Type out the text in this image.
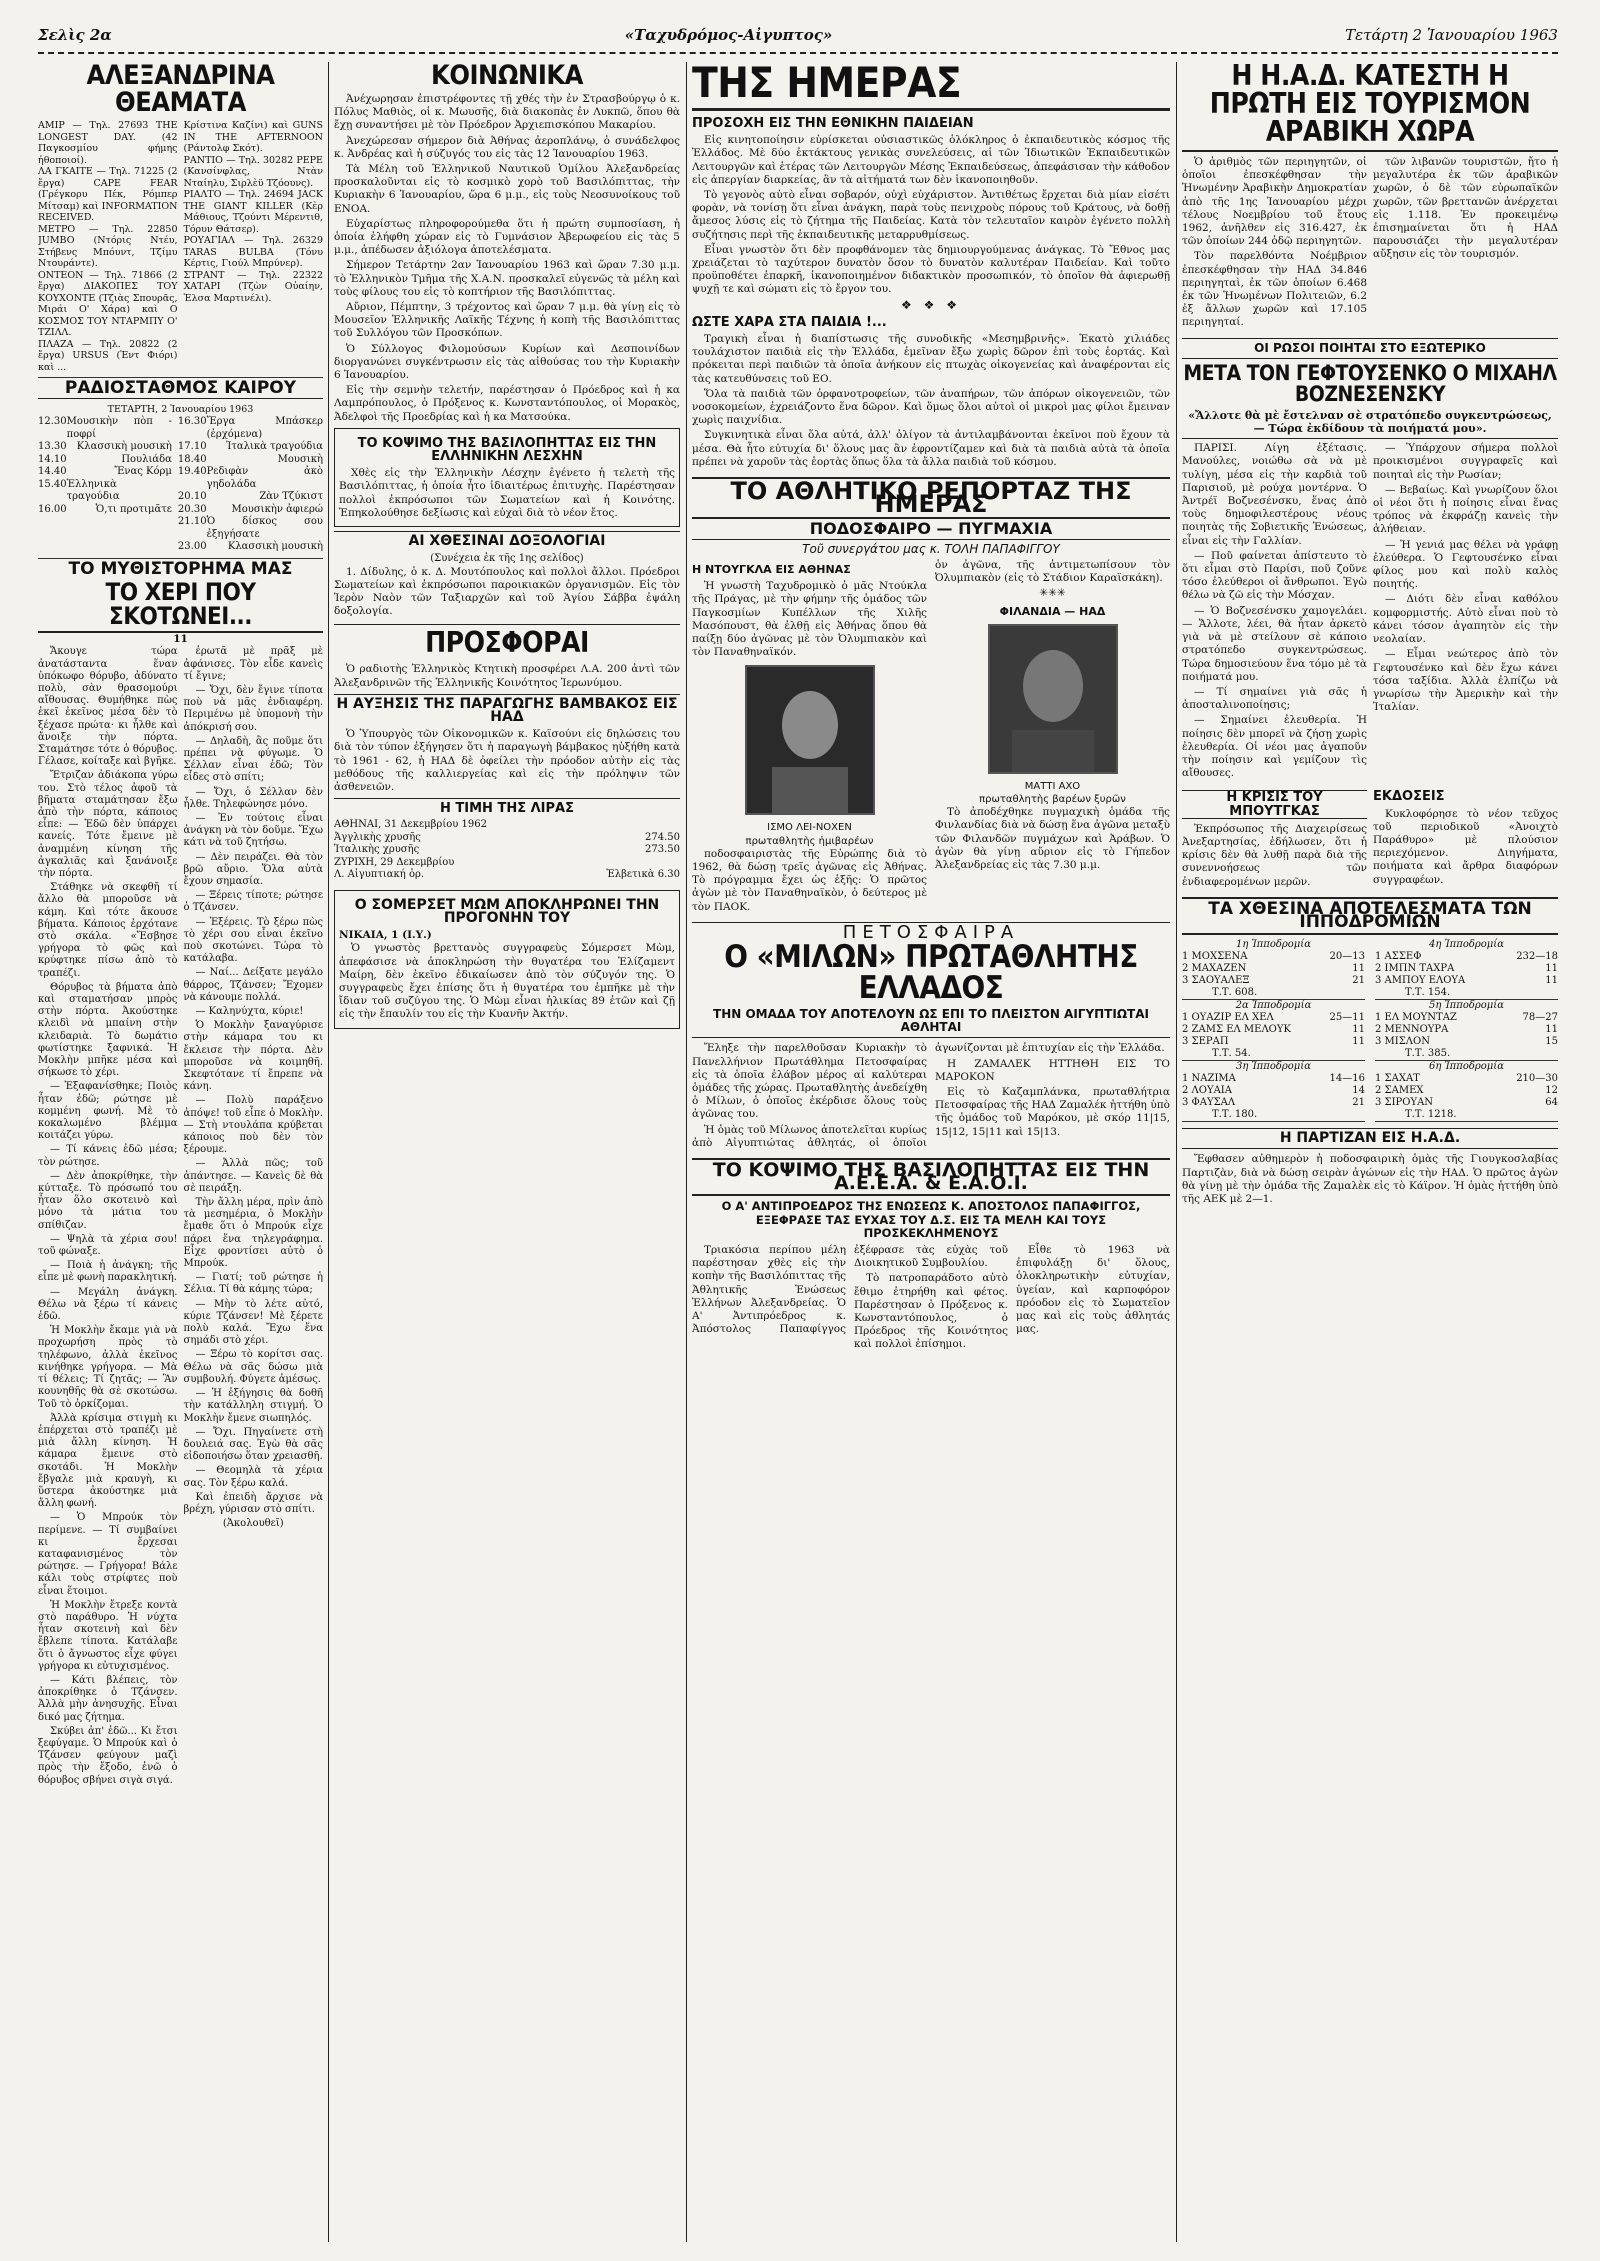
Σελὶς 2α	«Ταχυδρόμος-Αἰγυπτος»	Τετάρτη 2 Ἰανουαρίου 1963
ΑΛΕΞΑΝΔΡΙΝΑ ΘΕΑΜΑΤΑ
ΑΜΙΡ — Τηλ. 27693 THE LONGEST DAY. (42 Παγκοσμίου φήμης ἠθοποιοί).
ΛΑ ΓΚΑΙΤΕ — Τηλ. 71225 (2 ἔργα) CAPE FEAR (Γρέγκορυ Πέκ, Ρόμπερ Μίτσαμ) καὶ INFORMATION RECEIVED.
ΜΕΤΡΟ — Τηλ. 22850 JUMBO (Ντόρις Ντέυ, Στήβενς Μπόυντ, Τζίμυ Ντουράντε).
ΟΝΤΕΟΝ — Τηλ. 71866 (2 ἔργα) ΔΙΑΚΟΠΕΣ ΤΟΥ ΚΟΥΧΟΝΤΕ (Τζιὰς Σπουρᾶς, Μιράι Ο' Χάρα) καὶ Ο ΚΟΣΜΟΣ ΤΟΥ ΝΤΑΡΜΠΥ Ο' ΤΖΙΛΛ.
ΠΛΑΖΑ — Τηλ. 20822 (2 ἔργα) URSUS (Ἐντ Φιόρι) καὶ ...
Κρίστινα Καζίνι) καὶ GUNS IN THE AFTERNOON (Ράντολφ Σκότ).
ΡΑΝΤΙΟ — Τηλ. 30282 PEPE (Κανσίνφλας, Ντὰν Νταίηλυ, Σιρλὲϋ Τζόουνς).
ΡΙΑΛΤΟ — Τηλ. 24694 JACK THE GIANT KILLER (Κὲρ Μάθιους, Τζούντι Μέρεντιθ, Τόρυν Θάτσερ).
ΡΟΥΑΓΙΑΛ — Τηλ. 26329 TARAS BULBA (Τόνυ Κέρτις, Γιούλ Μπρύνερ).
ΣΤΡΑΝΤ — Τηλ. 22322 ΧΑΤΑΡΙ (Τζὼν Οὐαίην, Ἐλσα Μαρτινέλι).
ΡΑΔΙΟΣΤΑΘΜΟΣ ΚΑΙΡΟΥ
ΤΕΤΑΡΤΗ, 2 Ἰανουαρίου 1963
12.30 Μουσικὴν πὸπ - ποφρί
13.30 Κλασσικὴ μουσικὴ
14.10	Πουλιάδα
14.40	Ἔνας Κόρμ
15.40 Ἑλληνικὰ τραγούδια
16.00	Ὁ,τι προτιμᾶτε
16.30 Ἔργα Μπάσκερ (ἐρχόμενα)
17.10 Ἰταλικὰ τραγούδια
18.40	Μουσικὴ
19.40 Ρεδιφὰν ἀκὸ γηδολάδα
20.10	Ζὰν Τζύκιστ
20.30 Μουσικὴν ἀφιερώ
21.10 Ὁ δίσκος σου ἐξηγήσατε
23.00 Κλασσικὴ μουσικὴ
ΤΟ ΜΥΘΙΣΤΟΡΗΜΑ ΜΑΣ
ΤΟ ΧΕΡΙ ΠΟΥ ΣΚΟΤΩΝΕΙ...
11

Ἄκουγε τώρα ἀνατάσταντα ἕναν ὑπόκωφο θόρυβο, ἀδύνατο πολὺ, σὰν θρασομούρι αἴθουσας. Θυμήθηκε πὼς ἐκεῖ ἐκεῖνος μέσα δὲν τὸ ξέχασε πρώτα· κι ἦλθε καὶ ἄνοιξε τὴν πόρτα. Σταμάτησε τότε ὁ θόρυβος. Γέλασε, κοίταξε καὶ βγῆκε.

Ἔτριζαν ἀδιάκοπα γύρω του. Στὸ τέλος ἀφοῦ τὰ βῆματα σταμάτησαν ἔξω ἀπὸ τὴν πόρτα, κάποιος εἶπε: — Ἐδῶ δὲν ὑπάρχει κανείς. Τότε ἔμεινε μὲ ἀναμμένη κίνηση τῆς ἀγκαλιᾶς καὶ ξανάνοιξε τὴν πόρτα.

Στάθηκε νὰ σκεφθῆ τί ἄλλο θὰ μποροῦσε νὰ κάμη. Καὶ τότε ἄκουσε βήματα. Κάποιος ἐρχότανε στὸ σκάλα. «Ἔσβησε γρήγορα τὸ φῶς καὶ κρύφτηκε πίσω ἀπὸ τὸ τραπέζι.

Θόρυβος τὰ βήματα ἀπὸ καὶ σταματήσαν μπρὸς στὴν πόρτα. Ἀκούστηκε κλειδὶ νὰ μπαίνη στὴν κλειδαριὰ. Τὸ δωμάτιο φωτίστηκε ξαφνικά. Ἡ Μοκλὴν μπῆκε μέσα καὶ σήκωσε τὸ χέρι.

— Ἐξαφανίσθηκε; Ποιὸς ἦταν ἐδῶ; ρώτησε μὲ κομμένη φωνή. Μὲ τὸ κοκαλωμένο βλέμμα κοιτάζει γύρω.

— Τί κάνεις ἐδῶ μέσα; τὸν ρώτησε.

— Δὲν ἀποκρίθηκε, τὴν κύτταξε. Τὸ πρόσωπό του ἦταν ὅλο σκοτεινὸ καὶ μόνο τὰ μάτια του σπίθιζαν.

— Ψηλὰ τὰ χέρια σου! τοῦ φώναξε.

— Ποιὰ ἡ ἀνάγκη; τῆς εἶπε μὲ φωνὴ παρακλητική.

— Μεγάλη ἀνάγκη. Θέλω νὰ ξέρω τί κάνεις ἐδῶ.

Ἡ Μοκλὴν ἔκαμε γιὰ νὰ προχωρήση πρὸς τὸ τηλέφωνο, ἀλλὰ ἐκεῖνος κινήθηκε γρήγορα. — Μὰ τί θέλεις; Τί ζητᾶς; — Ἂν κουνηθῆς θὰ σὲ σκοτώσω. Τοῦ τὸ ὁρκίζομαι.

Ἀλλὰ κρίσιμα στιγμὴ κι ἐπέρχεται στὸ τραπέζι μὲ μιὰ ἄλλη κίνηση. Ἡ κάμαρα ἔμεινε στὸ σκοτάδι. Ἡ Μοκλὴν ἔβγαλε μιὰ κραυγὴ, κι ὕστερα ἀκούστηκε μιὰ ἄλλη φωνή.

— Ὁ Μπρούκ τὸν περίμενε. — Τί συμβαίνει κι ἔρχεσαι καταφανισμένος τὸν ρώτησε. — Γρήγορα! Βάλε κάλι τοὺς στρίφτες ποὺ εἶναι ἕτοιμοι.

Ἡ Μοκλὴν ἔτρεξε κοντὰ στὸ παράθυρο. Ἡ νύχτα ἦταν σκοτεινὴ καὶ δὲν ἔβλεπε τίποτα. Κατάλαβε ὅτι ὁ ἄγνωστος εἶχε φύγει γρήγορα κι εὐτυχισμένος.

— Κάτι βλέπεις, τὸν ἀποκρίθηκε ὁ Τζάνσεν. Ἀλλὰ μὴν ἀνησυχῆς. Εἶναι δικό μας ζήτημα.

Σκύβει ἀπ' ἐδῶ... Κι ἔτσι ξεφύγαμε. Ὁ Μπρούκ καὶ ὁ Τζάνσεν φεύγουν μαζὶ πρὸς τὴν ἔξοδο, ἐνῶ ὁ θόρυβος σβήνει σιγὰ σιγά.

ἐρωτᾶ μὲ πρᾶξ μὲ ἀφάνισες. Τὸν εἶδε κανεὶς τί ἔγινε;

— Ὄχι, δὲν ἔγινε τίποτα ποὺ νὰ μᾶς ἐνδιαφέρη. Περιμένω μὲ ὑπομονὴ τὴν ἀπόκρισή σου.

— Δηλαδὴ, ἂς ποῦμε ὅτι πρέπει νὰ φύγωμε. Ὁ Σέλλαν εἶναι ἐδῶ; Τὸν εἶδες στὸ σπίτι;

— Ὄχι, ὁ Σέλλαν δὲν ἦλθε. Τηλεφώνησε μόνο.

— Ἐν τούτοις εἶναι ἀνάγκη νὰ τὸν δοῦμε. Ἔχω κάτι νὰ τοῦ ζητήσω.

— Δὲν πειράζει. Θὰ τὸν βρῶ αὔριο. Ὅλα αὐτὰ ἔχουν σημασία.

— Ξέρεις τίποτε; ρώτησε ὁ Τζάνσεν.

— Ἐξέρεις. Τὸ ξέρω πὼς τὸ χέρι σου εἶναι ἐκεῖνο ποὺ σκοτώνει. Τώρα τὸ κατάλαβα.

— Ναί... Δείξατε μεγάλο θάρρος, Τζάνσεν; Ἔχομεν νὰ κάνουμε πολλά.

— Καληνύχτα, κύριε!

Ὁ Μοκλὴν ξαναγύρισε στὴν κάμαρα του κι ἔκλεισε τὴν πόρτα. Δὲν μποροῦσε νὰ κοιμηθῆ. Σκεφτότανε τί ἔπρεπε νὰ κάνη.

— Πολὺ παράξενο ἀπόψε! τοῦ εἶπε ὁ Μοκλὴν. — Στὴ ντουλάπα κρύβεται κάποιος ποὺ δὲν τὸν ξέρουμε.

— Ἀλλὰ πῶς; τοῦ ἀπάντησε. — Κανεὶς δὲ θὰ σὲ πειράξη.

Τὴν ἄλλη μέρα, πρὶν ἀπὸ τὰ μεσημέρια, ὁ Μοκλὴν ἔμαθε ὅτι ὁ Μπρούκ εἶχε πάρει ἕνα τηλεγράφημα. Εἶχε φροντίσει αὐτὸ ὁ Μπρούκ.

— Γιατί; τοῦ ρώτησε ἡ Σέλια. Τί θὰ κάμης τώρα;

— Μὴν τὸ λέτε αὐτό, κύριε Τζάνσεν! Μὲ ξέρετε πολὺ καλά. Ἔχω ἕνα σημάδι στὸ χέρι.

— Ξέρω τὸ κορίτσι σας. Θέλω νὰ σᾶς δώσω μιὰ συμβουλή. Φύγετε ἀμέσως.

— Ἡ ἐξήγησις θὰ δοθῆ τὴν κατάλληλη στιγμή. Ὁ Μοκλὴν ἔμενε σιωπηλός.

— Ὄχι. Πηγαίνετε στὴ δουλειά σας. Ἐγὼ θὰ σᾶς εἰδοποιήσω ὅταν χρειασθῆ.

— Θεομηλὰ τὰ χέρια σας. Τὸν ξέρω καλά.

Καὶ ἐπειδὴ ἄρχισε νὰ βρέχη, γύρισαν στὸ σπίτι.

(Ἀκολουθεῖ)
ΚΟΙΝΩΝΙΚΑ

Ἀνέχωρησαν ἐπιστρέφοντες τῇ χθές τὴν ἐν Στρασβούργῳ ὁ κ. Πόλυς Μαθιὸς, οἱ κ. Μωυσῆς, διὰ διακοπὰς ἐν Λυκπῶ, ὅπου θὰ ἔχῃ συναντήσει μὲ τὸν Πρόεδρον Ἀρχιεπισκόπου Μακαρίου.

Ἀνεχώρεσαν σήμερον διὰ Ἀθήνας ἀεροπλάνῳ, ὁ συνάδελφος κ. Ἀνδρέας καὶ ἡ σύζυγός του εἰς τὰς 12 Ἰανουαρίου 1963.

Τὰ Μέλη τοῦ Ἑλληνικοῦ Ναυτικοῦ Ὁμίλου Ἀλεξανδρείας προσκαλοῦνται εἰς τὸ κοσμικὸ χορὸ τοῦ Βασιλόπιττας, τὴν Κυριακὴν 6 Ἰανουαρίου, ὥρα 6 μ.μ., εἰς τοὺς Νεοσυνοίκους τοῦ ΕΝΟΑ.

Εὐχαρίστως πληροφορούμεθα ὅτι ἡ πρώτη συμποσίαση, ἡ ὁποία ἐλήφθη χώραν εἰς τὸ Γυμνάσιον Ἀβερωφείου εἰς τὰς 5 μ.μ., ἀπέδωσεν ἀξιόλογα ἀποτελέσματα.

Σήμερον Τετάρτην 2αν Ἰανουαρίου 1963 καὶ ὥραν 7.30 μ.μ. τὸ Ἑλληνικὸν Τμῆμα τῆς Χ.Α.Ν. προσκαλεῖ εὐγενῶς τὰ μέλη καὶ τοὺς φίλους του εἰς τὸ κοπτήριον τῆς Βασιλόπιττας.

Αὔριον, Πέμπτην, 3 τρέχοντος καὶ ὥραν 7 μ.μ. θὰ γίνῃ εἰς τὸ Μουσεῖον Ἑλληνικῆς Λαϊκῆς Τέχνης ἡ κοπὴ τῆς Βασιλόπιττας τοῦ Συλλόγου τῶν Προσκόπων.

Ὁ Σύλλογος Φιλομούσων Κυρίων καὶ Δεσποινίδων διοργανώνει συγκέντρωσιν εἰς τὰς αἰθούσας του τὴν Κυριακὴν 6 Ἰανουαρίου.

Εἰς τὴν σεμνὴν τελετήν, παρέστησαν ὁ Πρόεδρος καὶ ἡ κα Λαμπρόπουλος, ὁ Πρόξενος κ. Κωνσταντόπουλος, οἱ Μορακὸς, Ἀδελφοὶ τῆς Προεδρίας καὶ ἡ κα Ματσούκα.

ΤΟ ΚΟΨΙΜΟ ΤΗΣ ΒΑΣΙΛΟΠΗΤΤΑΣ ΕΙΣ ΤΗΝ ΕΛΛΗΝΙΚΗΝ ΛΕΣΧΗΝ

Χθὲς εἰς τὴν Ἑλληνικὴν Λέσχην ἐγένετο ἡ τελετὴ τῆς Βασιλόπιττας, ἡ ὁποία ἦτο ἰδιαιτέρως ἐπιτυχὴς. Παρέστησαν πολλοὶ ἐκπρόσωποι τῶν Σωματείων καὶ ἡ Κοινότης. Ἐπηκολούθησε δεξίωσις καὶ εὐχαὶ διὰ τὸ νέον ἔτος.

ΑΙ ΧΘΕΣΙΝΑΙ ΔΟΞΟΛΟΓΙΑΙ
(Συνέχεια ἐκ τῆς 1ης σελίδος)

1. Δίδυλης, ὁ κ. Δ. Μουτόπουλος καὶ πολλοὶ ἄλλοι. Πρόεδροι Σωματείων καὶ ἐκπρόσωποι παροικιακῶν ὀργανισμῶν. Εἰς τὸν Ἱερὸν Ναὸν τῶν Ταξιαρχῶν καὶ τοῦ Ἁγίου Σάββα ἐψάλη δοξολογία.

ΠΡΟΣΦΟΡΑΙ

Ὁ ραδιοτὴς Ἐλληνικὸς Κτητικὴ προσφέρει Λ.Α. 200 ἀντὶ τῶν Ἀλεξανδρινῶν τῆς Ἑλληνικῆς Κοινότητος Ἱερωνύμου.

Η ΑΥΞΗΣΙΣ ΤΗΣ ΠΑΡΑΓΩΓΗΣ ΒΑΜΒΑΚΟΣ ΕΙΣ ΗΑΔ

Ὁ Ὑπουργὸς τῶν Οἰκονομικῶν κ. Καϊσούνι εἰς δηλώσεις του διὰ τὸν τύπον ἐξήγησεν ὅτι ἡ παραγωγὴ βάμβακος ηὐξήθη κατὰ τὸ 1961 - 62, ἡ ΗΑΔ δὲ ὀφείλει τὴν πρόοδον αὐτὴν εἰς τὰς μεθόδους τῆς καλλιεργείας καὶ εἰς τὴν πρόληψιν τῶν ἀσθενειῶν.

Η ΤΙΜΗ ΤΗΣ ΛΙΡΑΣ
ΑΘΗΝΑΙ, 31 Δεκεμβρίου 1962
Ἀγγλικὴς χρυσῆς	274.50
Ἰταλικὴς χρυσῆς	273.50
ΖΥΡΙΧΗ, 29 Δεκεμβρίου
Λ. Αἰγυπτιακή ὁρ.	Ἑλβετικὰ 6.30
Ο ΣΟΜΕΡΣΕΤ ΜΩΜ ΑΠΟΚΛΗΡΩΝΕΙ ΤΗΝ ΠΡΟΓΟΝΗΝ ΤΟΥ
ΝΙΚΑΙΑ, 1 (Ι.Υ.)

Ὁ γνωστὸς βρεττανὸς συγγραφεὺς Σόμερσετ Μὼμ, ἀπεφάσισε νὰ ἀποκληρώση τὴν θυγατέρα του Ἐλίζαμεντ Μαίρη, δὲν ἐκεῖνο ἐδικαίωσεν ἀπὸ τὸν σύζυγόν της. Ὁ συγγραφεὺς ἔχει ἐπίσης ὅτι ἡ θυγατέρα του ἐμπῆκε μὲ τὴν ἴδιαν τοῦ συζύγου της. Ὁ Μὼμ εἶναι ἡλικίας 89 ἐτῶν καὶ ζῇ εἰς τὴν ἔπαυλίν του εἰς τὴν Κυανῆν Ἀκτήν.

ΤΗΣ ΗΜΕΡΑΣ
ΠΡΟΣΟΧΗ ΕΙΣ ΤΗΝ ΕΘΝΙΚΗΝ ΠΑΙΔΕΙΑΝ

Εἰς κινητοποίησιν εὑρίσκεται οὐσιαστικῶς ὁλόκληρος ὁ ἐκπαιδευτικὸς κόσμος τῆς Ἑλλάδος. Μὲ δύο ἐκτάκτους γενικὰς συνελεύσεις, αἱ τῶν Ἰδιωτικῶν Ἐκπαιδευτικῶν Λειτουργῶν καὶ ἑτέρας τῶν Λειτουργῶν Μέσης Ἐκπαιδεύσεως, ἀπεφάσισαν τὴν κάθοδον εἰς ἀπεργίαν διαρκείας, ἂν τὰ αἰτήματά των δὲν ἱκανοποιηθοῦν.

Τὸ γεγονὸς αὐτὸ εἶναι σοβαρόν, οὐχὶ εὐχάριστον. Ἀντιθέτως ἔρχεται διὰ μίαν εἰσέτι φορὰν, νὰ τονίσῃ ὅτι εἶναι ἀνάγκη, παρὰ τοὺς πενιχροὺς πόρους τοῦ Κράτους, νὰ δοθῇ ἄμεσος λύσις εἰς τὸ ζήτημα τῆς Παιδείας. Κατὰ τὸν τελευταῖον καιρὸν ἐγένετο πολλὴ συζήτησις περὶ τῆς ἐκπαιδευτικῆς μεταρρυθμίσεως.

Εἶναι γνωστὸν ὅτι δὲν προφθάνομεν τὰς δημιουργούμενας ἀνάγκας. Τὸ Ἔθνος μας χρειάζεται τὸ ταχύτερον δυνατὸν ὅσον τὸ δυνατὸν καλυτέραν Παιδείαν. Καὶ τοῦτο προϋποθέτει ἐπαρκῆ, ἱκανοποιημένον διδακτικὸν προσωπικόν, τὸ ὁποῖον θὰ ἀφιερωθῇ ψυχῇ τε καὶ σώματι εἰς τὸ ἔργον του.

❖ ❖ ❖
ΩΣΤΕ ΧΑΡΑ ΣΤΑ ΠΑΙΔΙΑ !...

Τραγικὴ εἶναι ἡ διαπίστωσις τῆς συνοδικῆς «Μεσημβρινῆς». Ἑκατὸ χιλιάδες τουλάχιστον παιδιὰ εἰς τὴν Ἑλλάδα, ἐμεῖναν ἔξω χωρὶς δῶρον ἐπὶ τοὺς ἑορτάς. Καὶ πρόκειται περὶ παιδιῶν τὰ ὁποῖα ἀνήκουν εἰς πτωχὰς οἰκογενείας καὶ ἀναφέρονται εἰς τὰς κατευθύνσεις τοῦ ΕΟ.

Ὅλα τὰ παιδιὰ τῶν ὀρφανοτροφείων, τῶν ἀναπήρων, τῶν ἀπόρων οἰκογενειῶν, τῶν νοσοκομείων, ἐχρειάζοντο ἕνα δῶρον. Καὶ ὅμως ὅλοι αὐτοὶ οἱ μικροὶ μας φίλοι ἔμειναν χωρὶς παιχνίδια.

Συγκινητικὰ εἶναι ὅλα αὐτά, ἀλλ' ὀλίγον τὰ ἀντιλαμβάνονται ἐκεῖνοι ποὺ ἔχουν τὰ μέσα. Θὰ ἦτο εὐτυχία δι' ὅλους μας ἂν ἐφροντίζαμεν καὶ διὰ τὰ παιδιὰ αὐτὰ τὰ ὁποῖα πρέπει νὰ χαροῦν τὰς ἑορτὰς ὅπως ὅλα τὰ ἄλλα παιδιὰ τοῦ κόσμου.

ΤΟ ΑΘΛΗΤΙΚΟ ΡΕΠΟΡΤΑΖ ΤΗΣ ΗΜΕΡΑΣ
ΠΟΔΟΣΦΑΙΡΟ — ΠΥΓΜΑΧΙΑ
Τοῦ συνεργάτου μας κ. ΤΟΛΗ ΠΑΠΑΦΙΓΓΟΥ
Η ΝΤΟΥΓΚΛΑ ΕΙΣ ΑΘΗΝΑΣ

Ἡ γνωστὴ Ταχυδρομικὸ ὁ μᾶς Ντούκλα τῆς Πράγας, μὲ τὴν φήμην τῆς ὁμάδος τῶν Παγκοσμίων Κυπέλλων τῆς Χιλῆς Μασόπουστ, θὰ ἐλθῇ εἰς Ἀθήνας ὅπου θὰ παίξῃ δύο ἀγῶνας μὲ τὸν Ὀλυμπιακὸν καὶ τὸν Παναθηναϊκόν.

ΙΣΜΟ ΛΕΙ-ΝΟΧΕΝ
πρωταθλητὴς ἡμιβαρέων

ποδοσφαιριστὰς τῆς Εὐρώπης διὰ τὸ 1962, θὰ δώσῃ τρεῖς ἀγῶνας εἰς Ἀθήνας. Τὸ πρόγραμμα ἔχει ὡς ἑξῆς: Ὁ πρῶτος ἀγὼν μὲ τὸν Παναθηναϊκὸν, ὁ δεύτερος μὲ τὸν ΠΑΟΚ.

ὁν ἀγῶνα, τῆς ἀντιμετωπίσουν τὸν Ὀλυμπιακὸν (εἰς τὸ Στάδιον Καραϊσκάκη).

✳✳✳
ΦΙΛΑΝΔΙΑ — ΗΑΔ
ΜΑΤΤΙ ΑΧΟ
πρωταθλητὴς βαρέων ξυρῶν

Τὸ ἀποδέχθηκε πυγμαχικὴ ὁμάδα τῆς Φινλανδίας διὰ νὰ δώσῃ ἕνα ἀγῶνα μεταξὺ τῶν Φιλανδῶν πυγμάχων καὶ Ἀράβων. Ὁ ἀγὼν θὰ γίνῃ αὔριον εἰς τὸ Γήπεδον Ἀλεξανδρείας εἰς τὰς 7.30 μ.μ.

ΠΕΤΟΣΦΑΙΡΑ
Ο «ΜΙΛΩΝ» ΠΡΩΤΑΘΛΗΤΗΣ ΕΛΛΑΔΟΣ
ΤΗΝ ΟΜΑΔΑ ΤΟΥ ΑΠΟΤΕΛΟΥΝ ΩΣ ΕΠΙ ΤΟ ΠΛΕΙΣΤΟΝ ΑΙΓΥΠΤΙΩΤΑΙ ΑΘΛΗΤΑΙ

Ἔληξε τὴν παρελθοῦσαν Κυριακὴν τὸ Πανελλήνιον Πρωτάθλημα Πετοσφαίρας εἰς τὰ ὁποῖα ἐλάβον μέρος αἱ καλύτεραι ὁμάδες τῆς χώρας. Πρωταθλητὴς ἀνεδείχθη ὁ Μίλων, ὁ ὁποῖος ἐκέρδισε ὅλους τοὺς ἀγῶνας του.

Ἡ ὁμὰς τοῦ Μίλωνος ἀποτελεῖται κυρίως ἀπὸ Αἰγυπτιώτας ἀθλητάς, οἱ ὁποῖοι ἀγωνίζονται μὲ ἐπιτυχίαν εἰς τὴν Ἑλλάδα.

Η ΖΑΜΑΛΕΚ ΗΤΤΗΘΗ ΕΙΣ ΤΟ ΜΑΡΟΚΟΝ

Εἰς τὸ Καζαμπλάνκα, πρωταθλήτρια Πετοσφαίρας τῆς ΗΑΔ Ζαμαλέκ ἡττήθη ὑπὸ τῆς ὁμάδος τοῦ Μαρόκου, μὲ σκόρ 11|15, 15|12, 15|11 καὶ 15|13.

ΤΟ ΚΟΨΙΜΟ ΤΗΣ ΒΑΣΙΛΟΠΗΤΤΑΣ ΕΙΣ ΤΗΝ Α.Ε.Ε.Α. & Ε.Α.Ο.Ι.
Ο Α' ΑΝΤΙΠΡΟΕΔΡΟΣ ΤΗΣ ΕΝΩΣΕΩΣ Κ. ΑΠΟΣΤΟΛΟΣ ΠΑΠΑΦΙΓΓΟΣ, ΕΞΕΦΡΑΣΕ ΤΑΣ ΕΥΧΑΣ ΤΟΥ Δ.Σ. ΕΙΣ ΤΑ ΜΕΛΗ ΚΑΙ ΤΟΥΣ ΠΡΟΣΚΕΚΛΗΜΕΝΟΥΣ

Τριακόσια περίπου μέλη παρέστησαν χθὲς εἰς τὴν κοπὴν τῆς Βασιλόπιττας τῆς Ἀθλητικῆς Ἑνώσεως Ἑλλήνων Ἀλεξανδρείας. Ὁ Α' Ἀντιπρόεδρος κ. Ἀπόστολος Παπαφίγγος ἐξέφρασε τὰς εὐχὰς τοῦ Διοικητικοῦ Συμβουλίου.

Τὸ πατροπαράδοτο αὐτὸ ἔθιμο ἐτηρήθη καὶ φέτος. Παρέστησαν ὁ Πρόξενος κ. Κωνσταντόπουλος, ὁ Πρόεδρος τῆς Κοινότητος καὶ πολλοὶ ἐπίσημοι.

Εἶθε τὸ 1963 νὰ ἐπιφυλάξῃ δι' ὅλους, ὁλοκληρωτικὴν εὐτυχίαν, ὑγείαν, καὶ καρποφόρον πρόοδον εἰς τὸ Σωματεῖον μας καὶ εἰς τοὺς ἀθλητάς μας.

Η Η.Α.Δ. ΚΑΤΕΣΤΗ Η ΠΡΩΤΗ ΕΙΣ ΤΟΥΡΙΣΜΟΝ ΑΡΑΒΙΚΗ ΧΩΡΑ

Ὁ ἀριθμὸς τῶν περιηγητῶν, οἱ ὁποῖοι ἐπεσκέφθησαν τὴν Ἡνωμένην Ἀραβικὴν Δημοκρατίαν ἀπὸ τῆς 1ης Ἰανουαρίου μέχρι τέλους Νοεμβρίου τοῦ ἔτους 1962, ἀνῆλθεν εἰς 316.427, ἐκ τῶν ὁποίων 244 ὁδῷ περιηγητῶν.

Τὸν παρελθόντα Νοέμβριον ἐπεσκέφθησαν τὴν ΗΑΔ 34.846 περιηγηταὶ, ἐκ τῶν ὁποίων 6.468 ἐκ τῶν Ἡνωμένων Πολιτειῶν, 6.2 ἐξ ἄλλων χωρῶν καὶ 17.105 περιηγηταί.

τῶν λιβανῶν τουριστῶν, ἤτο ἡ μεγαλυτέρα ἐκ τῶν ἀραβικῶν χωρῶν, ὁ δὲ τῶν εὐρωπαϊκῶν χωρῶν, τῶν βρεττανῶν ἀνέρχεται εἰς 1.118. Ἐν προκειμένῳ ἐπισημαίνεται ὅτι ἡ ΗΑΔ παρουσιάζει τὴν μεγαλυτέραν αὔξησιν εἰς τὸν τουρισμόν.

ΟΙ ΡΩΣΟΙ ΠΟΙΗΤΑΙ ΣΤΟ ΕΞΩΤΕΡΙΚΟ
ΜΕΤΑ ΤΟΝ ΓΕΦΤΟΥΣΕΝΚΟ Ο ΜΙΧΑΗΛ ΒΟΖΝΕΣΕΝΣΚΥ
«Ἄλλοτε θὰ μὲ ἔστελναν σὲ στρατόπεδο συγκεντρώσεως, — Τώρα ἐκδίδουν τὰ ποιήματά μου».

ΠΑΡΙΣΙ. Λίγη ἐξέτασις. Μανούλες, νοιώθω σὰ νὰ μὲ τυλίγη, μέσα εἰς τὴν καρδιὰ τοῦ Παρισιοῦ, μὲ ρούχα μοντέρνα. Ὁ Ἀντρέϊ Βοζνεσένσκυ, ἕνας ἀπὸ τοὺς δημοφιλεστέρους νέους ποιητὰς τῆς Σοβιετικῆς Ἑνώσεως, εἶναι εἰς τὴν Γαλλίαν.

— Ποῦ φαίνεται ἀπίστευτο τὸ ὅτι εἶμαι στὸ Παρίσι, ποῦ ζοῦνε τόσο ἐλεύθεροι οἱ ἄνθρωποι. Ἐγὼ θέλω νὰ ζῶ εἰς τὴν Μόσχαν.

— Ὁ Βοζνεσένσκυ χαμογελάει. — Ἄλλοτε, λέει, θὰ ἦταν ἀρκετὸ γιὰ νὰ μὲ στείλουν σὲ κάποιο στρατόπεδο συγκεντρώσεως. Τώρα δημοσιεύουν ἕνα τόμο μὲ τὰ ποιήματά μου.

— Τί σημαίνει γιὰ σᾶς ἡ ἀποσταλινοποίησις;

— Σημαίνει ἐλευθερία. Ἡ ποίησις δὲν μπορεῖ νὰ ζήσῃ χωρὶς ἐλευθερία. Οἱ νέοι μας ἀγαποῦν τὴν ποίησιν καὶ γεμίζουν τὶς αἴθουσες.

— Ὑπάρχουν σήμερα πολλοὶ προικισμένοι συγγραφεῖς καὶ ποιηταὶ εἰς τὴν Ρωσίαν;

— Βεβαίως. Καὶ γνωρίζουν ὅλοι οἱ νέοι ὅτι ἡ ποίησις εἶναι ἕνας τρόπος νὰ ἐκφράζῃ κανεὶς τὴν ἀλήθειαν.

— Ἡ γενιά μας θέλει νὰ γράφῃ ἐλεύθερα. Ὁ Γεφτουσένκο εἶναι φίλος μου καὶ πολὺ καλὸς ποιητής.

— Διότι δὲν εἶναι καθόλου κομφορμιστής. Αὐτὸ εἶναι ποὺ τὸ κάνει τόσον ἀγαπητὸν εἰς τὴν νεολαίαν.

— Εἶμαι νεώτερος ἀπὸ τὸν Γεφτουσένκο καὶ δὲν ἔχω κάνει τόσα ταξίδια. Ἀλλὰ ἐλπίζω νὰ γνωρίσω τὴν Ἀμερικὴν καὶ τὴν Ἰταλίαν.

Η ΚΡΙΣΙΣ ΤΟΥ ΜΠΟΥΤΓΚΑΣ

Ἐκπρόσωπος τῆς Διαχειρίσεως Ἀνεξαρτησίας, ἐδήλωσεν, ὅτι ἡ κρίσις δὲν θὰ λυθῇ παρὰ διὰ τῆς συνεννοήσεως τῶν ἐνδιαφερομένων μερῶν.

ΕΚΔΟΣΕΙΣ

Κυκλοφόρησε τὸ νέον τεῦχος τοῦ περιοδικοῦ «Ἀνοιχτὸ Παράθυρο» μὲ πλούσιον περιεχόμενον. Διηγήματα, ποιήματα καὶ ἄρθρα διαφόρων συγγραφέων.

ΤΑ ΧΘΕΣΙΝΑ ΑΠΟΤΕΛΕΣΜΑΤΑ ΤΩΝ ΙΠΠΟΔΡΟΜΙΩΝ
1η Ἱπποδρομία
1 ΜΟΧΣΕΝΑ	20—13
2 ΜΑΧΑΖΕΝ	11
3 ΣΑΟΥΑΛΕΞ	21
Τ.Τ. 608.
2α Ἱπποδρομία
1 ΟΥΑΖΙΡ ΕΛ ΧΕΛ	25—11
2 ΖΑΜΣ ΕΛ ΜΕΛΟΥΚ	11
3 ΣΕΡΑΠ	11
Τ.Τ. 54.
3η Ἱπποδρομία
1 ΝΑΖΙΜΑ	14—16
2 ΛΟΥΑΙΑ	14
3 ΦΑΥΣΑΛ	21
Τ.Τ. 180.
4η Ἱπποδρομία
1 ΑΣΣΕΦ	232—18
2 ΙΜΠΝ ΤΑΧΡΑ	11
3 ΑΜΠΟΥ ΕΛΟΥΑ	11
Τ.Τ. 154.
5η Ἱπποδρομία
1 ΕΛ ΜΟΥΝΤΑΖ	78—27
2 ΜΕΝΝΟΥΡΑ	11
3 ΜΙΣΛΟΝ	15
Τ.Τ. 385.
6η Ἱπποδρομία
1 ΣΑΧΑΤ	210—30
2 ΣΑΜΕΧ	12
3 ΣΙΡΟΥΑΝ	64
Τ.Τ. 1218.
Η ΠΑΡΤΙΖΑΝ ΕΙΣ Η.Α.Δ.

Ἔφθασεν αὐθημερὸν ἡ ποδοσφαιρικὴ ὁμὰς τῆς Γιουγκοσλαβίας Παρτιζὰν, διὰ νὰ δώσῃ σειρὰν ἀγώνων εἰς τὴν ΗΑΔ. Ὁ πρῶτος ἀγὼν θὰ γίνῃ μὲ τὴν ὁμάδα τῆς Ζαμαλὲκ εἰς τὸ Κάϊρον. Ἡ ὁμὰς ἡττήθη ὑπὸ τῆς ΑΕΚ μὲ 2—1.
